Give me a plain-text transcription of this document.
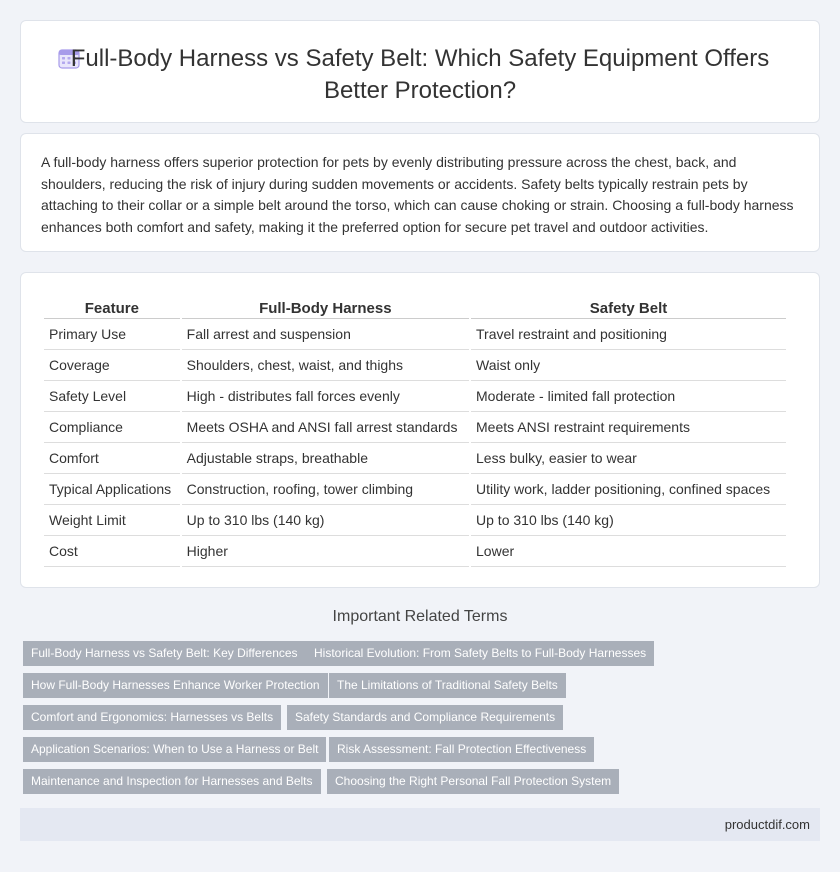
Full-Body Harness vs Safety Belt: Which Safety Equipment Offers Better Protection?

A full-body harness offers superior protection for pets by evenly distributing pressure across the chest, back, and shoulders, reducing the risk of injury during sudden movements or accidents. Safety belts typically restrain pets by attaching to their collar or a simple belt around the torso, which can cause choking or strain. Choosing a full-body harness enhances both comfort and safety, making it the preferred option for secure pet travel and outdoor activities.

Feature	Full-Body Harness	Safety Belt
Primary Use	Fall arrest and suspension	Travel restraint and positioning
Coverage	Shoulders, chest, waist, and thighs	Waist only
Safety Level	High - distributes fall forces evenly	Moderate - limited fall protection
Compliance	Meets OSHA and ANSI fall arrest standards	Meets ANSI restraint requirements
Comfort	Adjustable straps, breathable	Less bulky, easier to wear
Typical Applications	Construction, roofing, tower climbing	Utility work, ladder positioning, confined spaces
Weight Limit	Up to 310 lbs (140 kg)	Up to 310 lbs (140 kg)
Cost	Higher	Lower
Important Related Terms
Full-Body Harness vs Safety Belt: Key Differences	Historical Evolution: From Safety Belts to Full-Body Harnesses
How Full-Body Harnesses Enhance Worker Protection	The Limitations of Traditional Safety Belts
Comfort and Ergonomics: Harnesses vs Belts	Safety Standards and Compliance Requirements
Application Scenarios: When to Use a Harness or Belt	Risk Assessment: Fall Protection Effectiveness
Maintenance and Inspection for Harnesses and Belts	Choosing the Right Personal Fall Protection System
productdif.com
